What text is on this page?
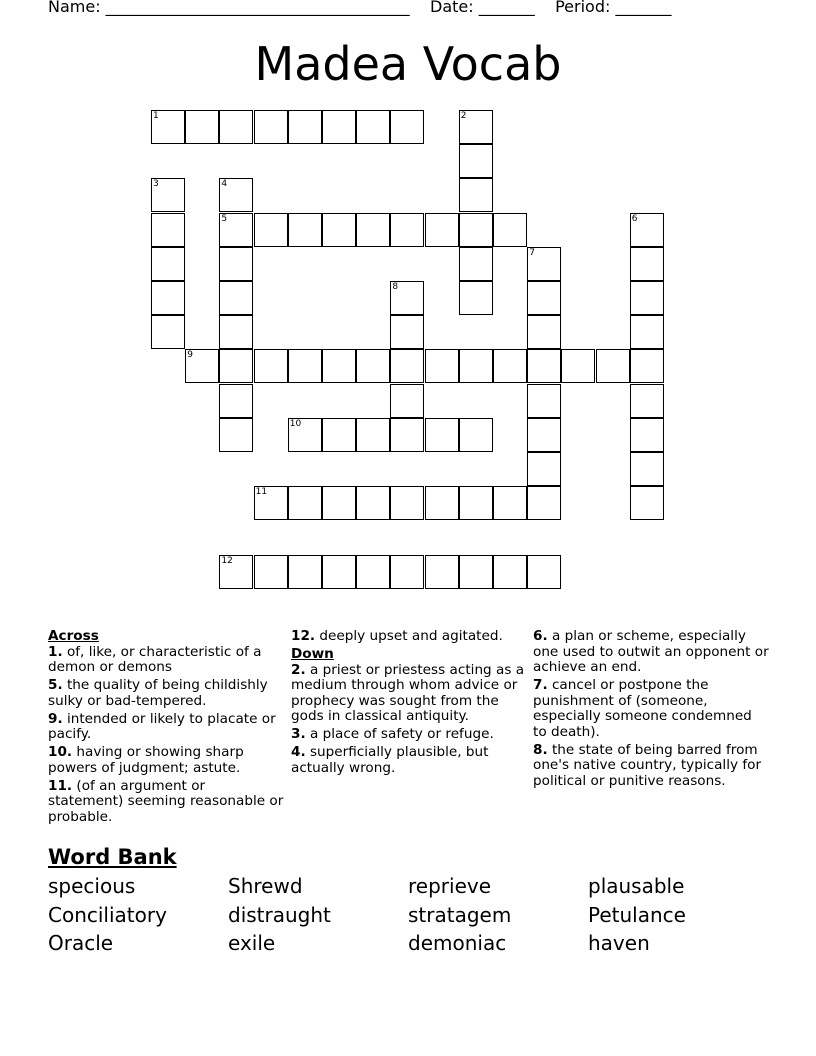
Name: ______________________________________    Date: _______    Period: _______
Madea Vocab
1	2
3	4
5	6
7
8
9
10
11
12
Across
1. of, like, or characteristic of a demon or demons
5. the quality of being childishly sulky or bad-tempered.
9. intended or likely to placate or pacify.
10. having or showing sharp powers of judgment; astute.
11. (of an argument or statement) seeming reasonable or probable.
12. deeply upset and agitated.
Down
2. a priest or priestess acting as a medium through whom advice or prophecy was sought from the gods in classical antiquity.
3. a place of safety or refuge.
4. superficially plausible, but actually wrong.
6. a plan or scheme, especially one used to outwit an opponent or achieve an end.
7. cancel or postpone the punishment of (someone, especially someone condemned to death).
8. the state of being barred from one's native country, typically for political or punitive reasons.
Word Bank
specious	Shrewd	reprieve	plausable
Conciliatory	distraught	stratagem	Petulance
Oracle	exile	demoniac	haven
